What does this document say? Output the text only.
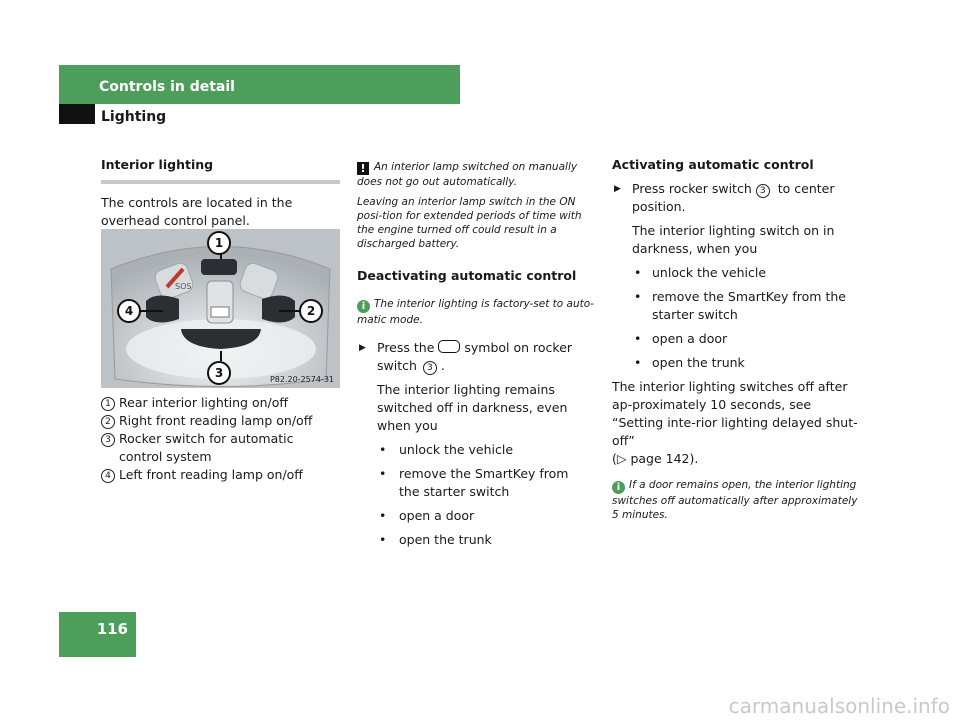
Controls in detail
Lighting
Interior lighting

The controls are located in the overhead control panel.

SOS
1
2
3
4
P82.20-2574-31
1 Rear interior lighting on/off
2 Right front reading lamp on/off
3 Rocker switch for automatic control system
4 Left front reading lamp on/off

! An interior lamp switched on manually does not go out automatically.

Leaving an interior lamp switch in the ON posi-tion for extended periods of time with the engine turned off could result in a discharged battery.

Deactivating automatic control

i The interior lighting is factory-set to auto-matic mode.

▶ Press the symbol on rocker switch 3 .

The interior lighting remains switched off in darkness, even when you

• unlock the vehicle
• remove the SmartKey from the starter switch
• open a door
• open the trunk
Activating automatic control

▶ Press rocker switch 3 to center position.

The interior lighting switch on in darkness, when you

• unlock the vehicle
• remove the SmartKey from the starter switch
• open a door
• open the trunk

The interior lighting switches off after ap-proximately 10 seconds, see “Setting inte-rior lighting delayed shut-off”

(▷ page 142).

i If a door remains open, the interior lighting switches off automatically after approximately 5 minutes.

116
carmanualsonline.info
